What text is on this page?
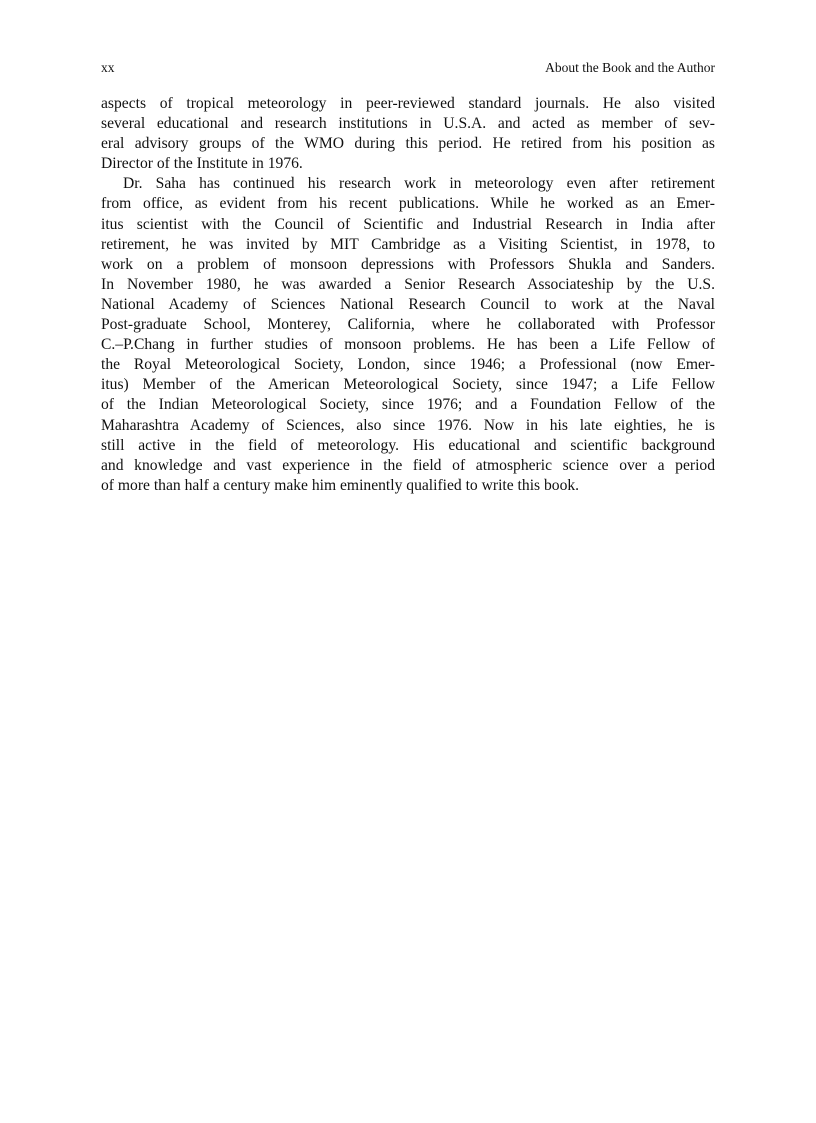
xx	About the Book and the Author
aspects of tropical meteorology in peer-reviewed standard journals. He also visited
several educational and research institutions in U.S.A. and acted as member of sev-
eral advisory groups of the WMO during this period. He retired from his position as
Director of the Institute in 1976.
Dr. Saha has continued his research work in meteorology even after retirement
from office, as evident from his recent publications. While he worked as an Emer-
itus scientist with the Council of Scientific and Industrial Research in India after
retirement, he was invited by MIT Cambridge as a Visiting Scientist, in 1978, to
work on a problem of monsoon depressions with Professors Shukla and Sanders.
In November 1980, he was awarded a Senior Research Associateship by the U.S.
National Academy of Sciences National Research Council to work at the Naval
Post-graduate School, Monterey, California, where he collaborated with Professor
C.–P.Chang in further studies of monsoon problems. He has been a Life Fellow of
the Royal Meteorological Society, London, since 1946; a Professional (now Emer-
itus) Member of the American Meteorological Society, since 1947; a Life Fellow
of the Indian Meteorological Society, since 1976; and a Foundation Fellow of the
Maharashtra Academy of Sciences, also since 1976. Now in his late eighties, he is
still active in the field of meteorology. His educational and scientific background
and knowledge and vast experience in the field of atmospheric science over a period
of more than half a century make him eminently qualified to write this book.
